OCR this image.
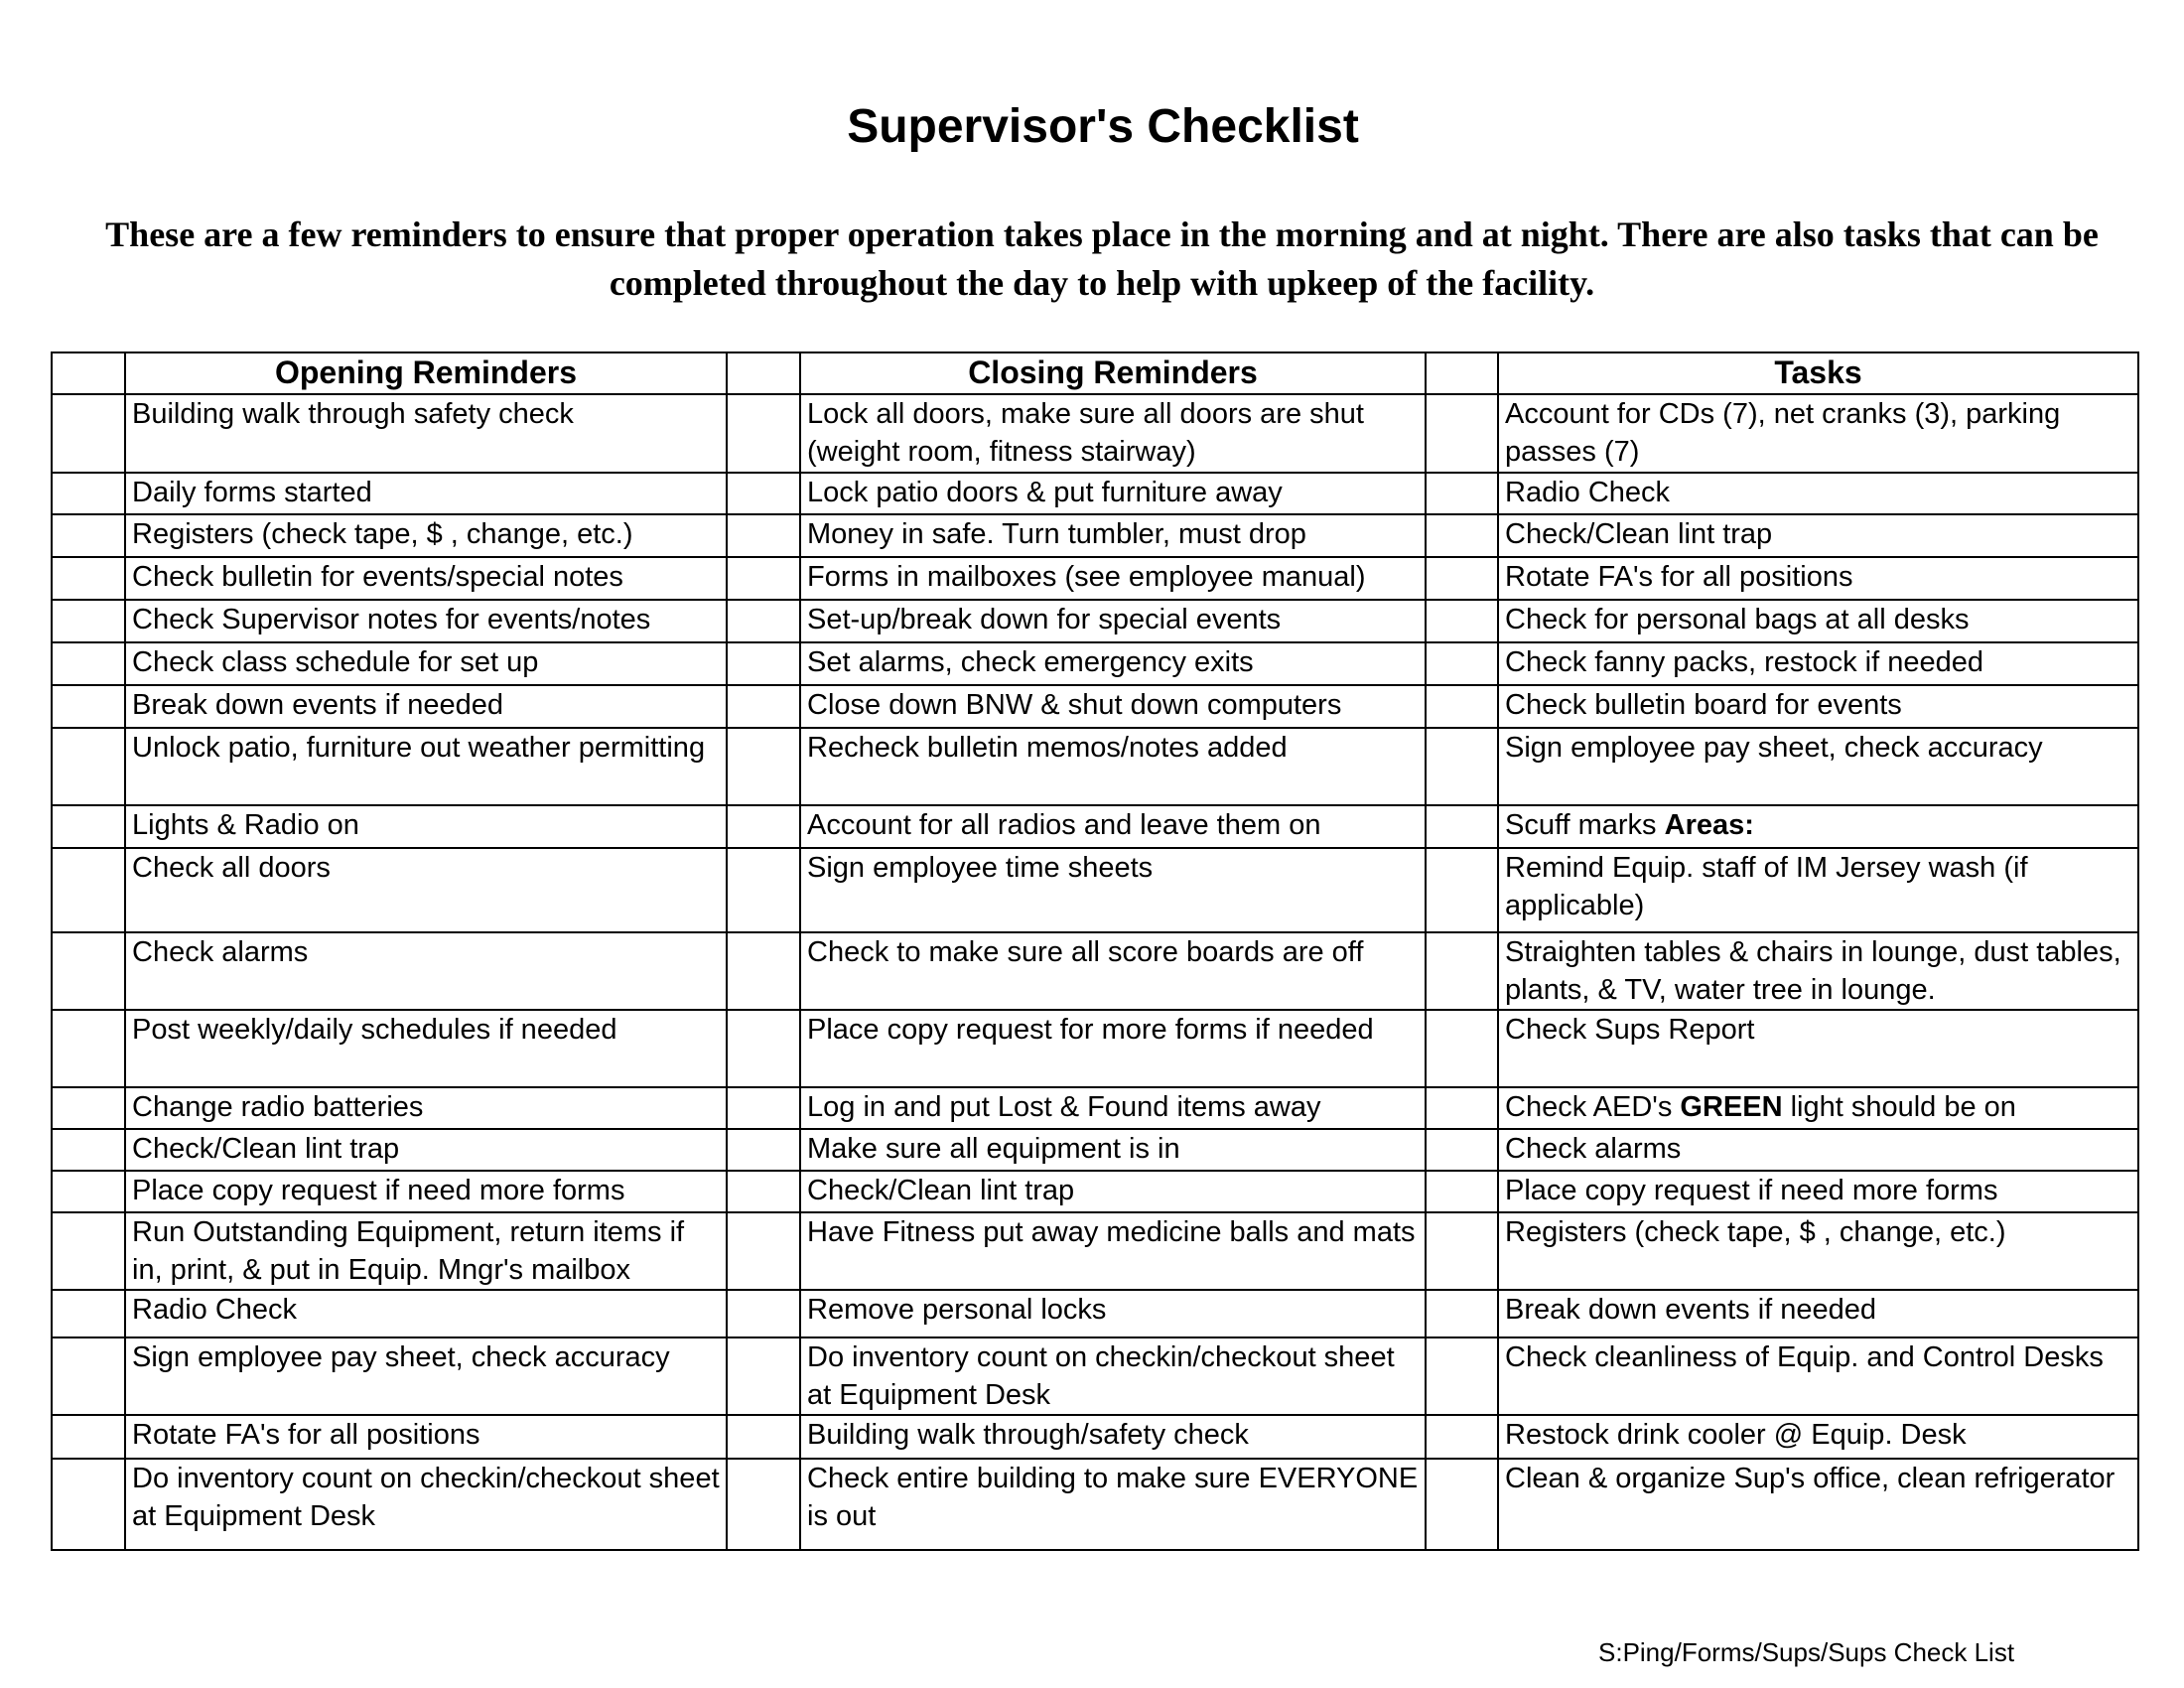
Supervisor's Checklist
These are a few reminders to ensure that proper operation takes place in the morning and at night. There are also tasks that can be completed throughout the day to help with upkeep of the facility.
	Opening Reminders		Closing Reminders		Tasks
	Building walk through safety check		Lock all doors, make sure all doors are shut (weight room, fitness stairway)		Account for CDs (7), net cranks (3), parking passes (7)
	Daily forms started		Lock patio doors & put furniture away		Radio Check
	Registers (check tape, $ , change, etc.)		Money in safe. Turn tumbler, must drop		Check/Clean lint trap
	Check bulletin for events/special notes		Forms in mailboxes (see employee manual)		Rotate FA's for all positions
	Check Supervisor notes for events/notes		Set-up/break down for special events		Check for personal bags at all desks
	Check class schedule for set up		Set alarms, check emergency exits		Check fanny packs, restock if needed
	Break down events if needed		Close down BNW & shut down computers		Check bulletin board for events
	Unlock patio, furniture out weather permitting		Recheck bulletin memos/notes added		Sign employee pay sheet, check accuracy
	Lights & Radio on		Account for all radios and leave them on		Scuff marks Areas:
	Check all doors		Sign employee time sheets		Remind Equip. staff of IM Jersey wash (if applicable)
	Check alarms		Check to make sure all score boards are off		Straighten tables & chairs in lounge, dust tables, plants, & TV, water tree in lounge.
	Post weekly/daily schedules if needed		Place copy request for more forms if needed		Check Sups Report
	Change radio batteries		Log in and put Lost & Found items away		Check AED's GREEN light should be on
	Check/Clean lint trap		Make sure all equipment is in		Check alarms
	Place copy request if need more forms		Check/Clean lint trap		Place copy request if need more forms
	Run Outstanding Equipment, return items if in, print, & put in Equip. Mngr's mailbox		Have Fitness put away medicine balls and mats		Registers (check tape, $ , change, etc.)
	Radio Check		Remove personal locks		Break down events if needed
	Sign employee pay sheet, check accuracy		Do inventory count on checkin/checkout sheet at Equipment Desk		Check cleanliness of Equip. and Control Desks
	Rotate FA's for all positions		Building walk through/safety check		Restock drink cooler @ Equip. Desk
	Do inventory count on checkin/checkout sheet at Equipment Desk		Check entire building to make sure EVERYONE is out		Clean & organize Sup's office, clean refrigerator
S:Ping/Forms/Sups/Sups Check List
